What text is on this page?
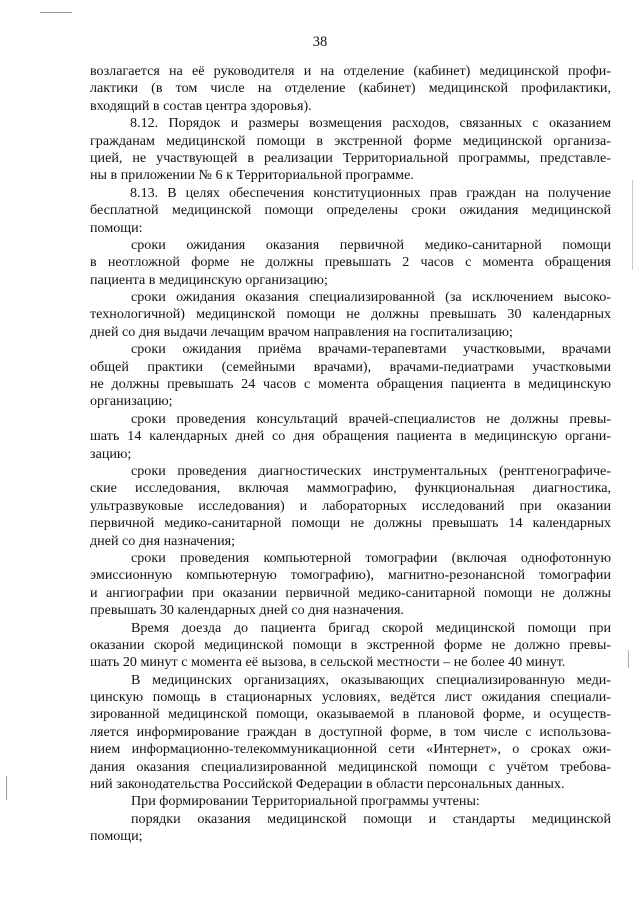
38
возлагается на её руководителя и на отделение (кабинет) медицинской профи-
лактики (в том числе на отделение (кабинет) медицинской профилактики,
входящий в состав центра здоровья).
8.12. Порядок и размеры возмещения расходов, связанных с оказанием
гражданам медицинской помощи в экстренной форме медицинской организа-
цией, не участвующей в реализации Территориальной программы, представле-
ны в приложении № 6 к Территориальной программе.
8.13. В целях обеспечения конституционных прав граждан на получение
бесплатной медицинской помощи определены сроки ожидания медицинской
помощи:
сроки ожидания оказания первичной медико-санитарной помощи
в неотложной форме не должны превышать 2 часов с момента обращения
пациента в медицинскую организацию;
сроки ожидания оказания специализированной (за исключением высоко-
технологичной) медицинской помощи не должны превышать 30 календарных
дней со дня выдачи лечащим врачом направления на госпитализацию;
сроки ожидания приёма врачами-терапевтами участковыми, врачами
общей практики (семейными врачами), врачами-педиатрами участковыми
не должны превышать 24 часов с момента обращения пациента в медицинскую
организацию;
сроки проведения консультаций врачей-специалистов не должны превы-
шать 14 календарных дней со дня обращения пациента в медицинскую органи-
зацию;
сроки проведения диагностических инструментальных (рентгенографиче-
ские исследования, включая маммографию, функциональная диагностика,
ультразвуковые исследования) и лабораторных исследований при оказании
первичной медико-санитарной помощи не должны превышать 14 календарных
дней со дня назначения;
сроки проведения компьютерной томографии (включая однофотонную
эмиссионную компьютерную томографию), магнитно-резонансной томографии
и ангиографии при оказании первичной медико-санитарной помощи не должны
превышать 30 календарных дней со дня назначения.
Время доезда до пациента бригад скорой медицинской помощи при
оказании скорой медицинской помощи в экстренной форме не должно превы-
шать 20 минут с момента её вызова, в сельской местности – не более 40 минут.
В медицинских организациях, оказывающих специализированную меди-
цинскую помощь в стационарных условиях, ведётся лист ожидания специали-
зированной медицинской помощи, оказываемой в плановой форме, и осуществ-
ляется информирование граждан в доступной форме, в том числе с использова-
нием информационно-телекоммуникационной сети «Интернет», о сроках ожи-
дания оказания специализированной медицинской помощи с учётом требова-
ний законодательства Российской Федерации в области персональных данных.
При формировании Территориальной программы учтены:
порядки оказания медицинской помощи и стандарты медицинской
помощи;
